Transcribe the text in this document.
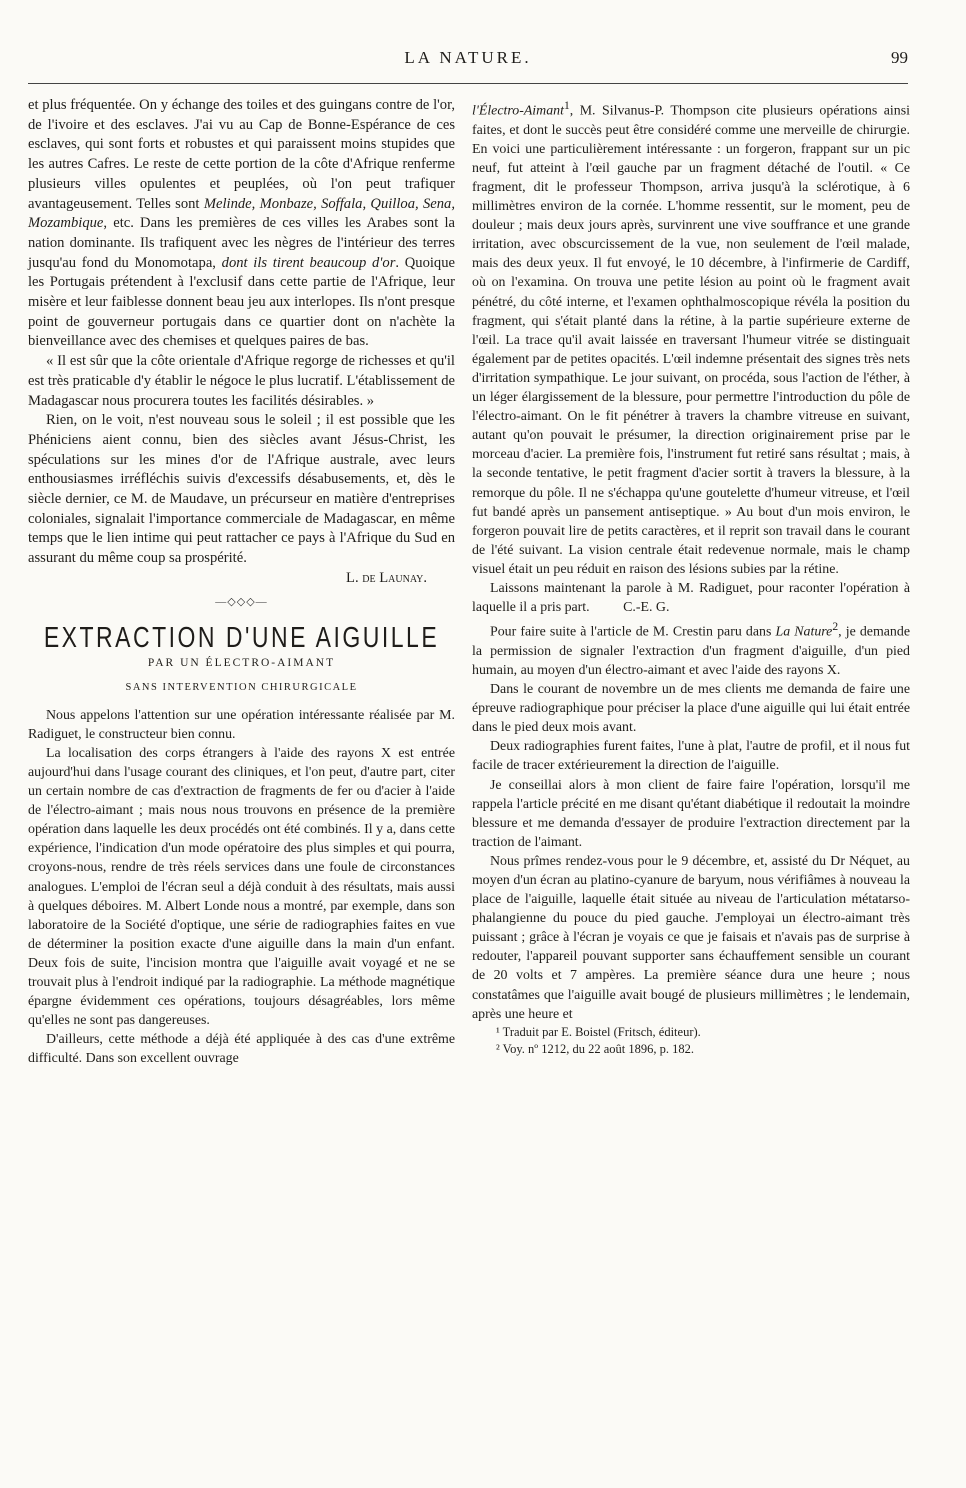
LA NATURE.	99

et plus fréquentée. On y échange des toiles et des guingans contre de l'or, de l'ivoire et des esclaves. J'ai vu au Cap de Bonne-Espérance de ces esclaves, qui sont forts et robustes et qui paraissent moins stupides que les autres Cafres. Le reste de cette portion de la côte d'Afrique renferme plusieurs villes opulentes et peuplées, où l'on peut trafiquer avantageusement. Telles sont Melinde, Monbaze, Soffala, Quilloa, Sena, Mozambique, etc. Dans les premières de ces villes les Arabes sont la nation dominante. Ils trafiquent avec les nègres de l'intérieur des terres jusqu'au fond du Monomotapa, dont ils tirent beaucoup d'or. Quoique les Portugais prétendent à l'exclusif dans cette partie de l'Afrique, leur misère et leur faiblesse donnent beau jeu aux interlopes. Ils n'ont presque point de gouverneur portugais dans ce quartier dont on n'achète la bienveillance avec des chemises et quelques paires de bas.

« Il est sûr que la côte orientale d'Afrique regorge de richesses et qu'il est très praticable d'y établir le négoce le plus lucratif. L'établissement de Madagascar nous procurera toutes les facilités désirables. »

Rien, on le voit, n'est nouveau sous le soleil ; il est possible que les Phéniciens aient connu, bien des siècles avant Jésus-Christ, les spéculations sur les mines d'or de l'Afrique australe, avec leurs enthousiasmes irréfléchis suivis d'excessifs désabusements, et, dès le siècle dernier, ce M. de Maudave, un précurseur en matière d'entreprises coloniales, signalait l'importance commerciale de Madagascar, en même temps que le lien intime qui peut rattacher ce pays à l'Afrique du Sud en assurant du même coup sa prospérité.

L. de Launay.
—◇◇◇—
EXTRACTION D'UNE AIGUILLE
PAR UN ÉLECTRO-AIMANT
SANS INTERVENTION CHIRURGICALE

Nous appelons l'attention sur une opération intéressante réalisée par M. Radiguet, le constructeur bien connu.

La localisation des corps étrangers à l'aide des rayons X est entrée aujourd'hui dans l'usage courant des cliniques, et l'on peut, d'autre part, citer un certain nombre de cas d'extraction de fragments de fer ou d'acier à l'aide de l'électro-aimant ; mais nous nous trouvons en présence de la première opération dans laquelle les deux procédés ont été combinés. Il y a, dans cette expérience, l'indication d'un mode opératoire des plus simples et qui pourra, croyons-nous, rendre de très réels services dans une foule de circonstances analogues. L'emploi de l'écran seul a déjà conduit à des résultats, mais aussi à quelques déboires. M. Albert Londe nous a montré, par exemple, dans son laboratoire de la Société d'optique, une série de radiographies faites en vue de déterminer la position exacte d'une aiguille dans la main d'un enfant. Deux fois de suite, l'incision montra que l'aiguille avait voyagé et ne se trouvait plus à l'endroit indiqué par la radiographie. La méthode magnétique épargne évidemment ces opérations, toujours désagréables, lors même qu'elles ne sont pas dangereuses.

D'ailleurs, cette méthode a déjà été appliquée à des cas d'une extrême difficulté. Dans son excellent ouvrage

l'Électro-Aimant$^1$, M. Silvanus-P. Thompson cite plusieurs opérations ainsi faites, et dont le succès peut être considéré comme une merveille de chirurgie. En voici une particulièrement intéressante : un forgeron, frappant sur un pic neuf, fut atteint à l'œil gauche par un fragment détaché de l'outil. « Ce fragment, dit le professeur Thompson, arriva jusqu'à la sclérotique, à 6 millimètres environ de la cornée. L'homme ressentit, sur le moment, peu de douleur ; mais deux jours après, survinrent une vive souffrance et une grande irritation, avec obscurcissement de la vue, non seulement de l'œil malade, mais des deux yeux. Il fut envoyé, le 10 décembre, à l'infirmerie de Cardiff, où on l'examina. On trouva une petite lésion au point où le fragment avait pénétré, du côté interne, et l'examen ophthalmoscopique révéla la position du fragment, qui s'était planté dans la rétine, à la partie supérieure externe de l'œil. La trace qu'il avait laissée en traversant l'humeur vitrée se distinguait également par de petites opacités. L'œil indemne présentait des signes très nets d'irritation sympathique. Le jour suivant, on procéda, sous l'action de l'éther, à un léger élargissement de la blessure, pour permettre l'introduction du pôle de l'électro-aimant. On le fit pénétrer à travers la chambre vitreuse en suivant, autant qu'on pouvait le présumer, la direction originairement prise par le morceau d'acier. La première fois, l'instrument fut retiré sans résultat ; mais, à la seconde tentative, le petit fragment d'acier sortit à travers la blessure, à la remorque du pôle. Il ne s'échappa qu'une goutelette d'humeur vitreuse, et l'œil fut bandé après un pansement antiseptique. » Au bout d'un mois environ, le forgeron pouvait lire de petits caractères, et il reprit son travail dans le courant de l'été suivant. La vision centrale était redevenue normale, mais le champ visuel était un peu réduit en raison des lésions subies par la rétine.

Laissons maintenant la parole à M. Radiguet, pour raconter l'opération à laquelle il a pris part. C.-E. G.

Pour faire suite à l'article de M. Crestin paru dans La Nature$^2$, je demande la permission de signaler l'extraction d'un fragment d'aiguille, d'un pied humain, au moyen d'un électro-aimant et avec l'aide des rayons X.

Dans le courant de novembre un de mes clients me demanda de faire une épreuve radiographique pour préciser la place d'une aiguille qui lui était entrée dans le pied deux mois avant.

Deux radiographies furent faites, l'une à plat, l'autre de profil, et il nous fut facile de tracer extérieurement la direction de l'aiguille.

Je conseillai alors à mon client de faire faire l'opération, lorsqu'il me rappela l'article précité en me disant qu'étant diabétique il redoutait la moindre blessure et me demanda d'essayer de produire l'extraction directement par la traction de l'aimant.

Nous prîmes rendez-vous pour le 9 décembre, et, assisté du Dr Néquet, au moyen d'un écran au platino-cyanure de baryum, nous vérifiâmes à nouveau la place de l'aiguille, laquelle était située au niveau de l'articulation métatarso-phalangienne du pouce du pied gauche. J'employai un électro-aimant très puissant ; grâce à l'écran je voyais ce que je faisais et n'avais pas de surprise à redouter, l'appareil pouvant supporter sans échauffement sensible un courant de 20 volts et 7 ampères. La première séance dura une heure ; nous constatâmes que l'aiguille avait bougé de plusieurs millimètres ; le lendemain, après une heure et

¹ Traduit par E. Boistel (Fritsch, éditeur).

² Voy. nº 1212, du 22 août 1896, p. 182.
